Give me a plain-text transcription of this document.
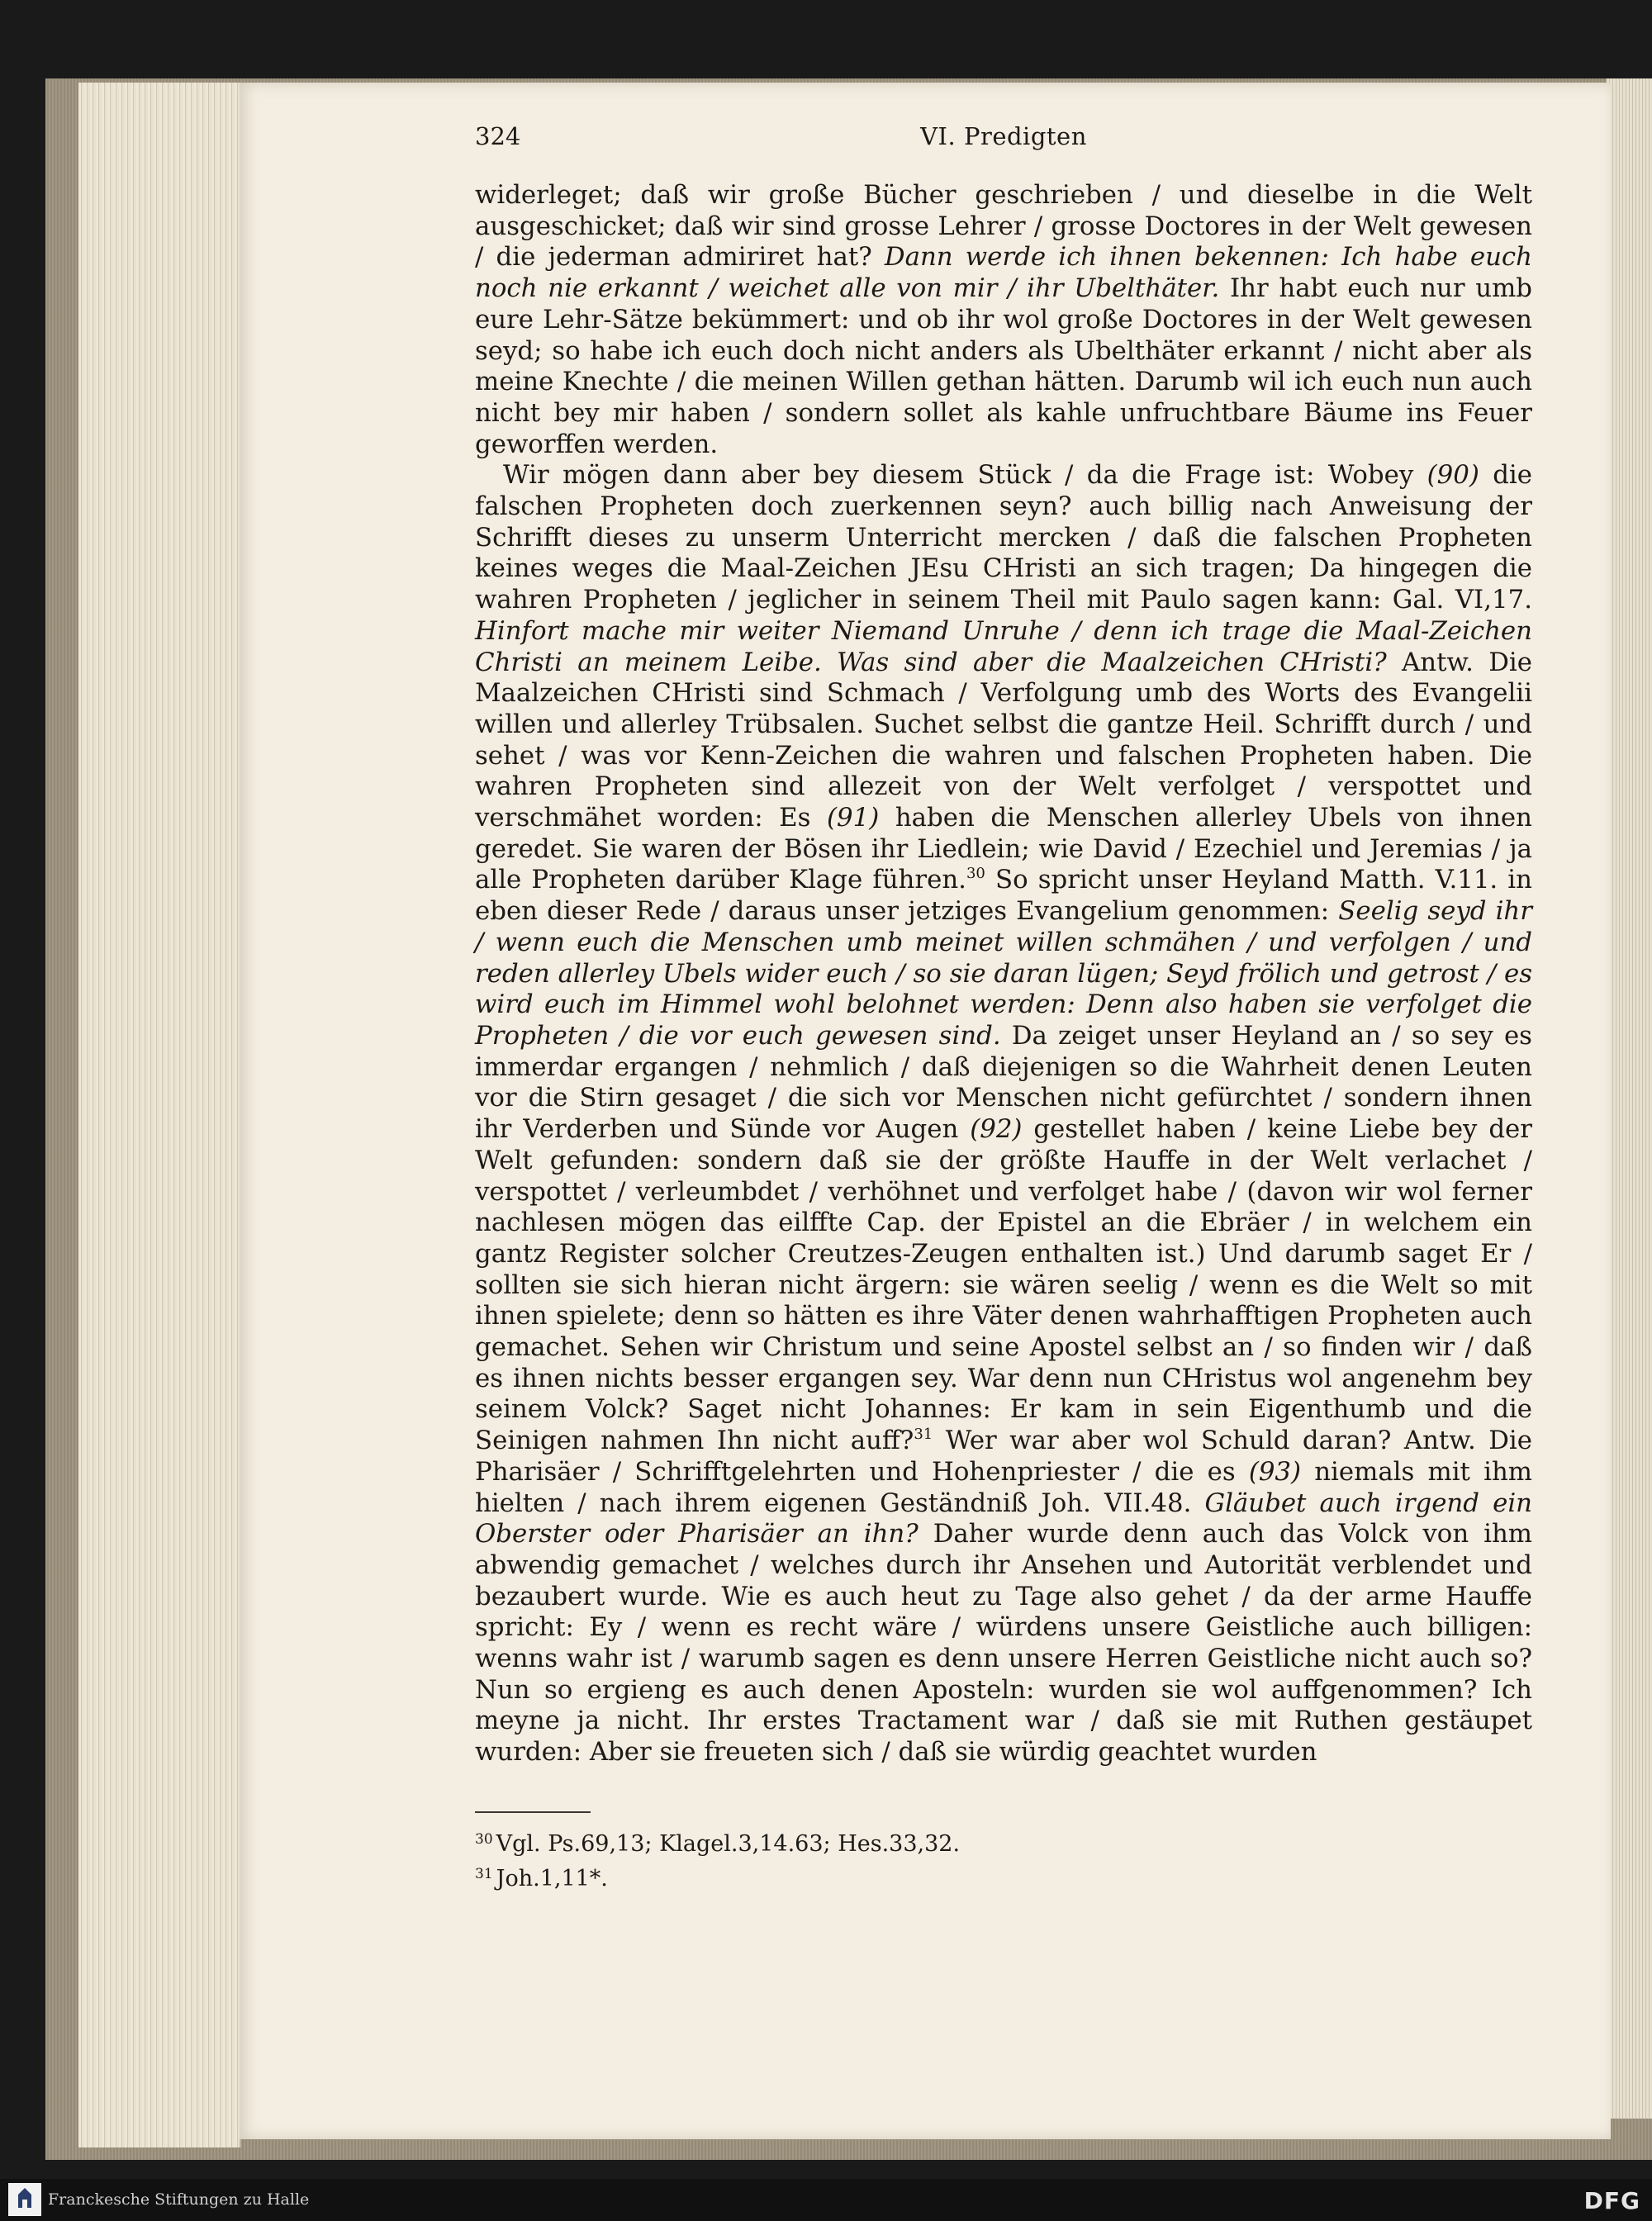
324	VI. Predigten

widerleget; daß wir große Bücher geschrieben / und dieselbe in die Welt ausgeschicket; daß wir sind grosse Lehrer / grosse Doctores in der Welt gewesen / die jederman admiriret hat? Dann werde ich ihnen bekennen: Ich habe euch noch nie erkannt / weichet alle von mir / ihr Ubelthäter. Ihr habt euch nur umb eure Lehr-Sätze bekümmert: und ob ihr wol große Doctores in der Welt gewesen seyd; so habe ich euch doch nicht anders als Ubelthäter erkannt / nicht aber als meine Knechte / die meinen Willen gethan hätten. Darumb wil ich euch nun auch nicht bey mir haben / sondern sollet als kahle unfruchtbare Bäume ins Feuer geworffen werden.

Wir mögen dann aber bey diesem Stück / da die Frage ist: Wobey (90) die falschen Propheten doch zuerkennen seyn? auch billig nach Anweisung der Schrifft dieses zu unserm Unterricht mercken / daß die falschen Propheten keines weges die Maal-Zeichen JEsu CHristi an sich tragen; Da hingegen die wahren Propheten / jeglicher in seinem Theil mit Paulo sagen kann: Gal. VI,17. Hinfort mache mir weiter Niemand Unruhe / denn ich trage die Maal-Zeichen Christi an meinem Leibe. Was sind aber die Maalzeichen CHristi? Antw. Die Maalzeichen CHristi sind Schmach / Verfolgung umb des Worts des Evangelii willen und allerley Trübsalen. Suchet selbst die gantze Heil. Schrifft durch / und sehet / was vor Kenn-Zeichen die wahren und falschen Propheten haben. Die wahren Propheten sind allezeit von der Welt verfolget / verspottet und verschmähet worden: Es (91) haben die Menschen allerley Ubels von ihnen geredet. Sie waren der Bösen ihr Liedlein; wie David / Ezechiel und Jeremias / ja alle Propheten darüber Klage führen.$^{30}$ So spricht unser Heyland Matth. V.11. in eben dieser Rede / daraus unser jetziges Evangelium genommen: Seelig seyd ihr / wenn euch die Menschen umb meinet willen schmähen / und verfolgen / und reden allerley Ubels wider euch / so sie daran lügen; Seyd frölich und getrost / es wird euch im Himmel wohl belohnet werden: Denn also haben sie verfolget die Propheten / die vor euch gewesen sind. Da zeiget unser Heyland an / so sey es immerdar ergangen / nehmlich / daß diejenigen so die Wahrheit denen Leuten vor die Stirn gesaget / die sich vor Menschen nicht gefürchtet / sondern ihnen ihr Verderben und Sünde vor Augen (92) gestellet haben / keine Liebe bey der Welt gefunden: sondern daß sie der größte Hauffe in der Welt verlachet / verspottet / verleumbdet / verhöhnet und verfolget habe / (davon wir wol ferner nachlesen mögen das eilffte Cap. der Epistel an die Ebräer / in welchem ein gantz Register solcher Creutzes-Zeugen enthalten ist.) Und darumb saget Er / sollten sie sich hieran nicht ärgern: sie wären seelig / wenn es die Welt so mit ihnen spielete; denn so hätten es ihre Väter denen wahrhafftigen Propheten auch gemachet. Sehen wir Christum und seine Apostel selbst an / so finden wir / daß es ihnen nichts besser ergangen sey. War denn nun CHristus wol angenehm bey seinem Volck? Saget nicht Johannes: Er kam in sein Eigenthumb und die Seinigen nahmen Ihn nicht auff?$^{31}$ Wer war aber wol Schuld daran? Antw. Die Pharisäer / Schrifftgelehrten und Hohenpriester / die es (93) niemals mit ihm hielten / nach ihrem eigenen Geständniß Joh. VII.48. Gläubet auch irgend ein Oberster oder Pharisäer an ihn? Daher wurde denn auch das Volck von ihm abwendig gemachet / welches durch ihr Ansehen und Autorität verblendet und bezaubert wurde. Wie es auch heut zu Tage also gehet / da der arme Hauffe spricht: Ey / wenn es recht wäre / würdens unsere Geistliche auch billigen: wenns wahr ist / warumb sagen es denn unsere Herren Geistliche nicht auch so? Nun so ergieng es auch denen Aposteln: wurden sie wol auffgenommen? Ich meyne ja nicht. Ihr erstes Tractament war / daß sie mit Ruthen gestäupet wurden: Aber sie freueten sich / daß sie würdig geachtet wurden

$^{30}$ Vgl. Ps.69,13; Klagel.3,14.63; Hes.33,32.
$^{31}$ Joh.1,11*.
Franckesche Stiftungen zu Halle	DFG
